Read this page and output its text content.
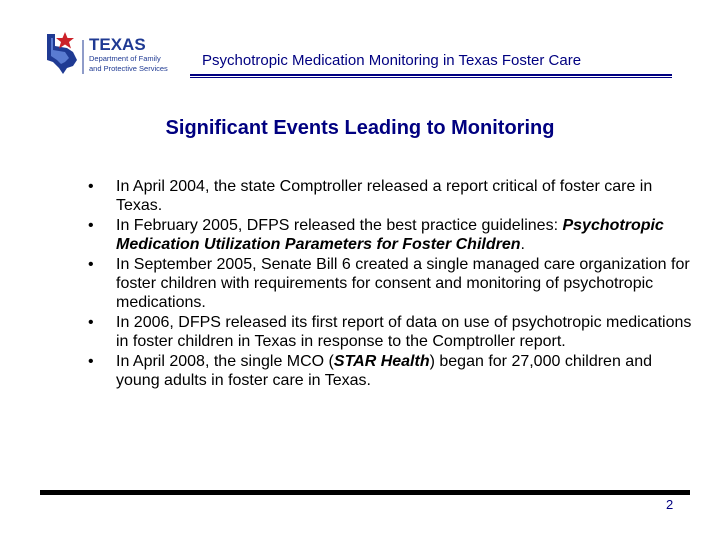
TEXAS
Department of Family
and Protective Services Psychotropic Medication Monitoring in Texas Foster Care
Significant Events Leading to Monitoring
• In April 2004, the state Comptroller released a report critical of foster care in Texas.
• In February 2005, DFPS released the best practice guidelines: Psychotropic Medication Utilization Parameters for Foster Children.
• In September 2005, Senate Bill 6 created a single managed care organization for foster children with requirements for consent and monitoring of psychotropic medications.
• In 2006, DFPS released its first report of data on use of psychotropic medications in foster children in Texas in response to the Comptroller report.
• In April 2008, the single MCO (STAR Health) began for 27,000 children and young adults in foster care in Texas.
2
